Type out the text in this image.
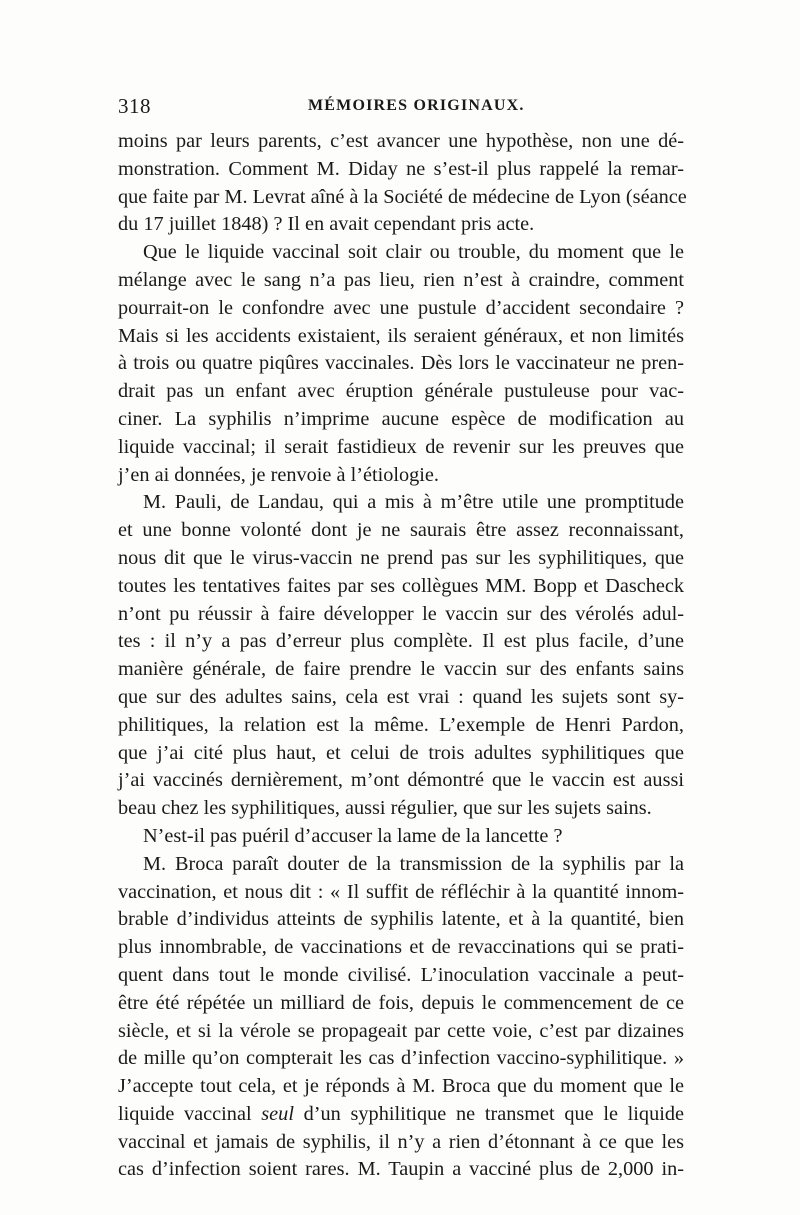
318	MÉMOIRES ORIGINAUX.
moins par leurs parents, c’est avancer une hypothèse, non une dé-
monstration. Comment M. Diday ne s’est-il plus rappelé la remar-
que faite par M. Levrat aîné à la Société de médecine de Lyon (séance
du 17 juillet 1848) ? Il en avait cependant pris acte.
Que le liquide vaccinal soit clair ou trouble, du moment que le
mélange avec le sang n’a pas lieu, rien n’est à craindre, comment
pourrait-on le confondre avec une pustule d’accident secondaire ?
Mais si les accidents existaient, ils seraient généraux, et non limités
à trois ou quatre piqûres vaccinales. Dès lors le vaccinateur ne pren-
drait pas un enfant avec éruption générale pustuleuse pour vac-
ciner. La syphilis n’imprime aucune espèce de modification au
liquide vaccinal; il serait fastidieux de revenir sur les preuves que
j’en ai données, je renvoie à l’étiologie.
M. Pauli, de Landau, qui a mis à m’être utile une promptitude
et une bonne volonté dont je ne saurais être assez reconnaissant,
nous dit que le virus-vaccin ne prend pas sur les syphilitiques, que
toutes les tentatives faites par ses collègues MM. Bopp et Dascheck
n’ont pu réussir à faire développer le vaccin sur des vérolés adul-
tes : il n’y a pas d’erreur plus complète. Il est plus facile, d’une
manière générale, de faire prendre le vaccin sur des enfants sains
que sur des adultes sains, cela est vrai : quand les sujets sont sy-
philitiques, la relation est la même. L’exemple de Henri Pardon,
que j’ai cité plus haut, et celui de trois adultes syphilitiques que
j’ai vaccinés dernièrement, m’ont démontré que le vaccin est aussi
beau chez les syphilitiques, aussi régulier, que sur les sujets sains.
N’est-il pas puéril d’accuser la lame de la lancette ?
M. Broca paraît douter de la transmission de la syphilis par la
vaccination, et nous dit : « Il suffit de réfléchir à la quantité innom-
brable d’individus atteints de syphilis latente, et à la quantité, bien
plus innombrable, de vaccinations et de revaccinations qui se prati-
quent dans tout le monde civilisé. L’inoculation vaccinale a peut-
être été répétée un milliard de fois, depuis le commencement de ce
siècle, et si la vérole se propageait par cette voie, c’est par dizaines
de mille qu’on compterait les cas d’infection vaccino-syphilitique. »
J’accepte tout cela, et je réponds à M. Broca que du moment que le
liquide vaccinal seul d’un syphilitique ne transmet que le liquide
vaccinal et jamais de syphilis, il n’y a rien d’étonnant à ce que les
cas d’infection soient rares. M. Taupin a vacciné plus de 2,000 in-
